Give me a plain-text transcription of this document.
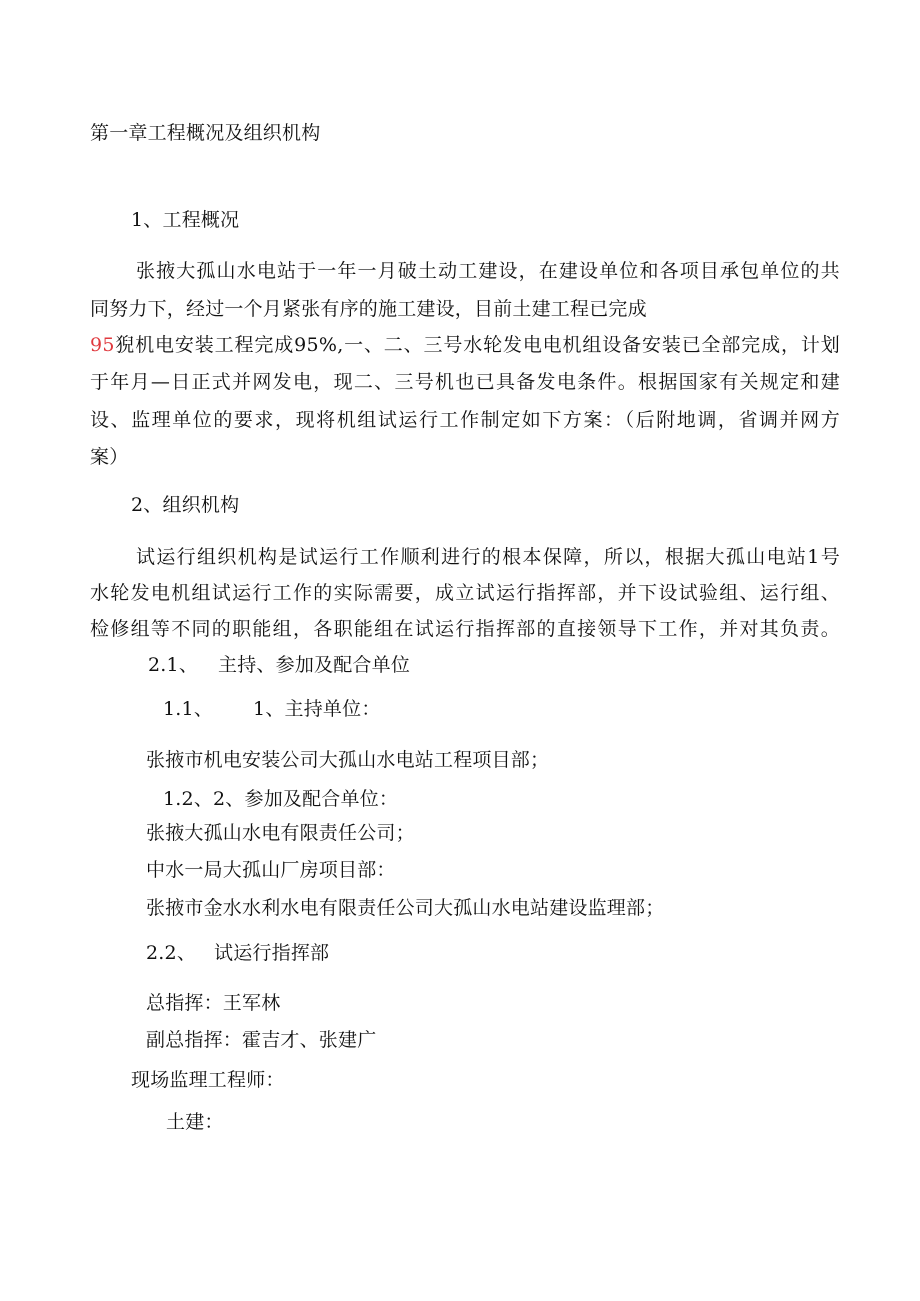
第一章工程概况及组织机构

1、工程概况

张掖大孤山水电站于一年一月破土动工建设，在建设单位和各项目承包单位的共

同努力下，经过一个月紧张有序的施工建设，目前土建工程已完成

95猊机电安装工程完成95%,一、二、三号水轮发电电机组设备安装已全部完成，计划

于年月—日正式并网发电，现二、三号机也已具备发电条件。根据国家有关规定和建

设、监理单位的要求，现将机组试运行工作制定如下方案：（后附地调，省调并网方

案）

2、组织机构

试运行组织机构是试运行工作顺利进行的根本保障，所以，根据大孤山电站1号

水轮发电机组试运行工作的实际需要，成立试运行指挥部，并下设试验组、运行组、

检修组等不同的职能组，各职能组在试运行指挥部的直接领导下工作，并对其负责。

2.1、 主持、参加及配合单位

1.1、 1、主持单位：

张掖市机电安装公司大孤山水电站工程项目部；

1.2、2、参加及配合单位：

张掖大孤山水电有限责任公司；

中水一局大孤山厂房项目部：

张掖市金水水利水电有限责任公司大孤山水电站建设监理部；

2.2、 试运行指挥部

总指挥：王军林

副总指挥：霍吉才、张建广

现场监理工程师：

土建：
